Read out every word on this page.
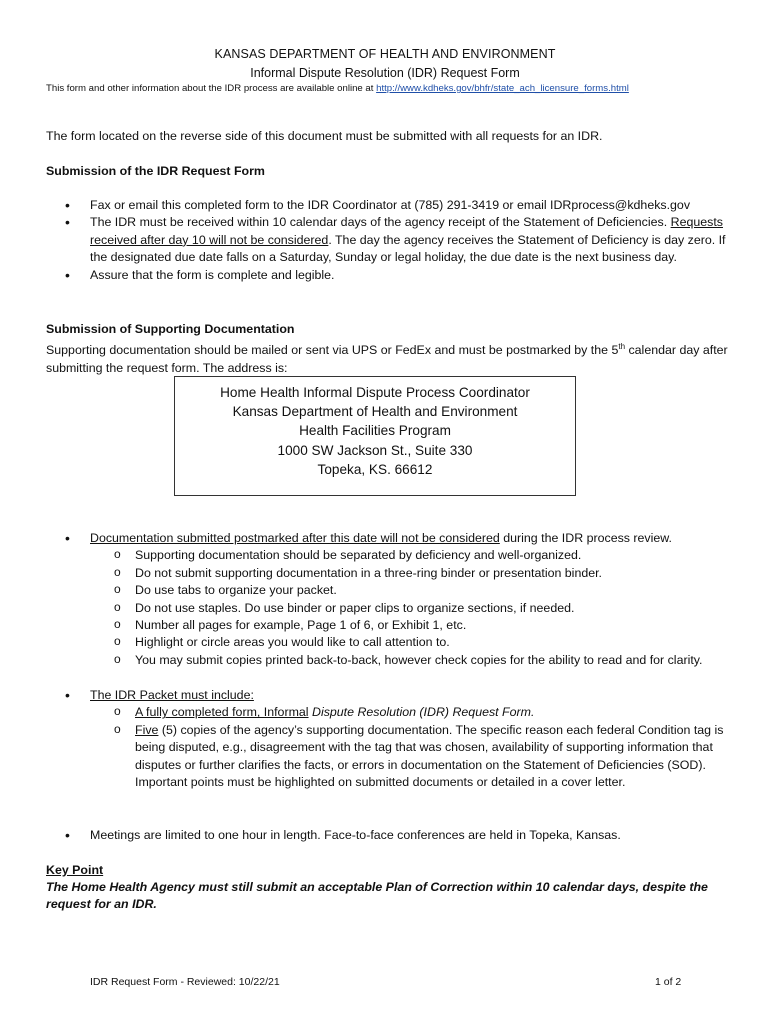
KANSAS DEPARTMENT OF HEALTH AND ENVIRONMENT
Informal Dispute Resolution (IDR) Request Form
This form and other information about the IDR process are available online at http://www.kdheks.gov/bhfr/state_ach_licensure_forms.html
The form located on the reverse side of this document must be submitted with all requests for an IDR.
Submission of the IDR Request Form
• Fax or email this completed form to the IDR Coordinator at (785) 291-3419 or email IDRprocess@kdheks.gov
• The IDR must be received within 10 calendar days of the agency receipt of the Statement of Deficiencies. Requests received after day 10 will not be considered. The day the agency receives the Statement of Deficiency is day zero. If the designated due date falls on a Saturday, Sunday or legal holiday, the due date is the next business day.
• Assure that the form is complete and legible.
Submission of Supporting Documentation
Supporting documentation should be mailed or sent via UPS or FedEx and must be postmarked by the 5th calendar day after submitting the request form. The address is:
Home Health Informal Dispute Process Coordinator
Kansas Department of Health and Environment
Health Facilities Program
1000 SW Jackson St., Suite 330
Topeka, KS. 66612
• Documentation submitted postmarked after this date will not be considered during the IDR process review.
o Supporting documentation should be separated by deficiency and well-organized.
o Do not submit supporting documentation in a three-ring binder or presentation binder.
o Do use tabs to organize your packet.
o Do not use staples. Do use binder or paper clips to organize sections, if needed.
o Number all pages for example, Page 1 of 6, or Exhibit 1, etc.
o Highlight or circle areas you would like to call attention to.
o You may submit copies printed back-to-back, however check copies for the ability to read and for clarity.
• The IDR Packet must include:
o A fully completed form, Informal Dispute Resolution (IDR) Request Form.
o Five (5) copies of the agency’s supporting documentation. The specific reason each federal Condition tag is being disputed, e.g., disagreement with the tag that was chosen, availability of supporting information that disputes or further clarifies the facts, or errors in documentation on the Statement of Deficiencies (SOD). Important points must be highlighted on submitted documents or detailed in a cover letter.
• Meetings are limited to one hour in length. Face-to-face conferences are held in Topeka, Kansas.
Key Point
The Home Health Agency must still submit an acceptable Plan of Correction within 10 calendar days, despite the request for an IDR.
IDR Request Form - Reviewed: 10/22/21	1 of 2
